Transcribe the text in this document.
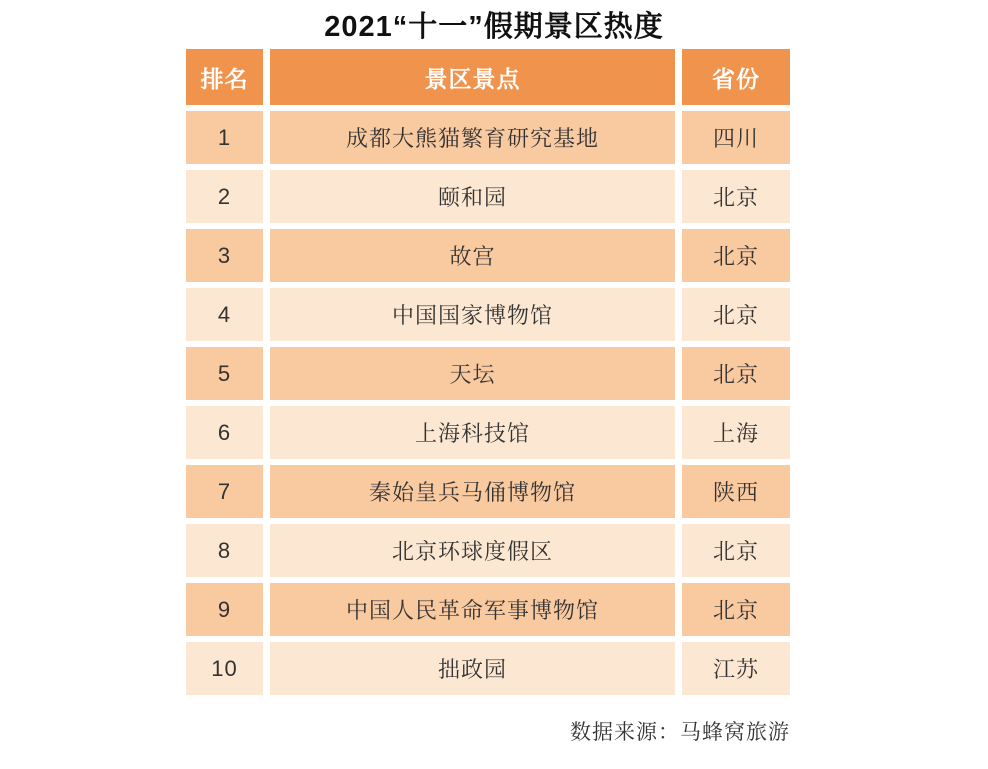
2021“十一”假期景区热度
排名	景区景点	省份
1	成都大熊猫繁育研究基地	四川
2	颐和园	北京
3	故宫	北京
4	中国国家博物馆	北京
5	天坛	北京
6	上海科技馆	上海
7	秦始皇兵马俑博物馆	陕西
8	北京环球度假区	北京
9	中国人民革命军事博物馆	北京
10	拙政园	江苏
数据来源：马蜂窝旅游
